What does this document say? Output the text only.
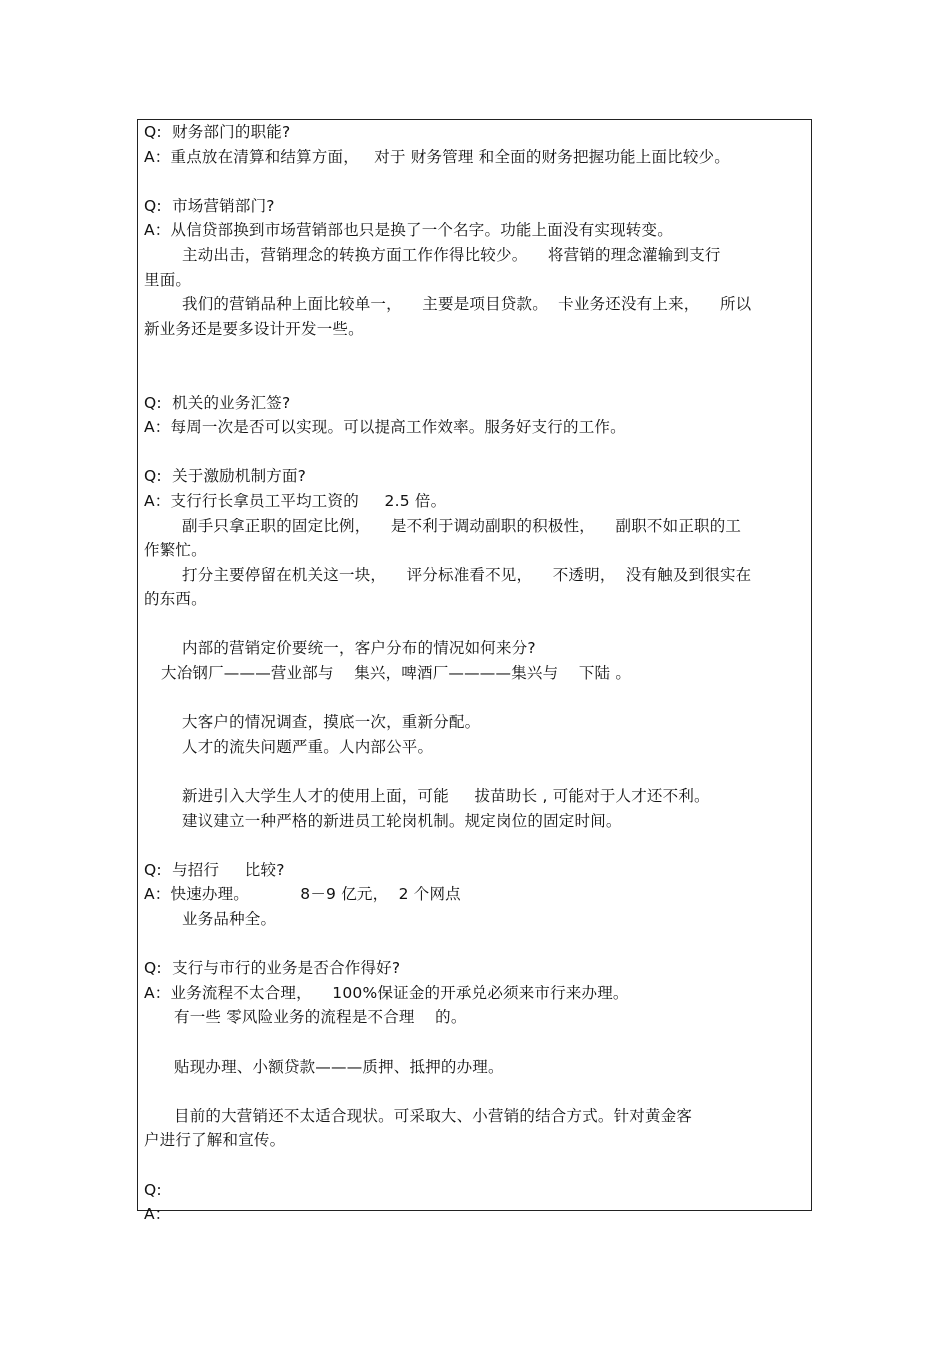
Q:  财务部门的职能?
A：重点放在清算和结算方面，   对于 财务管理 和全面的财务把握功能上面比较少。
Q:  市场营销部门?
A：从信贷部换到市场营销部也只是换了一个名字。功能上面没有实现转变。
主动出击，营销理念的转换方面工作作得比较少。    将营销的理念灌输到支行
里面。
我们的营销品种上面比较单一，    主要是项目贷款。  卡业务还没有上来，    所以
新业务还是要多设计开发一些。
Q:  机关的业务汇签?
A：每周一次是否可以实现。可以提高工作效率。服务好支行的工作。
Q:  关于激励机制方面?
A：支行行长拿员工平均工资的     2.5 倍。
副手只拿正职的固定比例，    是不利于调动副职的积极性，    副职不如正职的工
作繁忙。
打分主要停留在机关这一块，    评分标准看不见，    不透明，  没有触及到很实在
的东西。
内部的营销定价要统一，客户分布的情况如何来分?
大冶钢厂———营业部与    集兴，啤酒厂————集兴与    下陆 。
大客户的情况调查，摸底一次，重新分配。
人才的流失问题严重。人内部公平。
新进引入大学生人才的使用上面，可能     拔苗助长 , 可能对于人才还不利。
建议建立一种严格的新进员工轮岗机制。规定岗位的固定时间。
Q:  与招行     比较?
A：快速办理。          8－9 亿元，  2 个网点
业务品种全。
Q:  支行与市行的业务是否合作得好?
A：业务流程不太合理，    100%保证金的开承兑必须来市行来办理。
有一些 零风险业务的流程是不合理    的。
贴现办理、小额贷款———质押、抵押的办理。
目前的大营销还不太适合现状。可采取大、小营销的结合方式。针对黄金客
户进行了解和宣传。
Q:
A：
